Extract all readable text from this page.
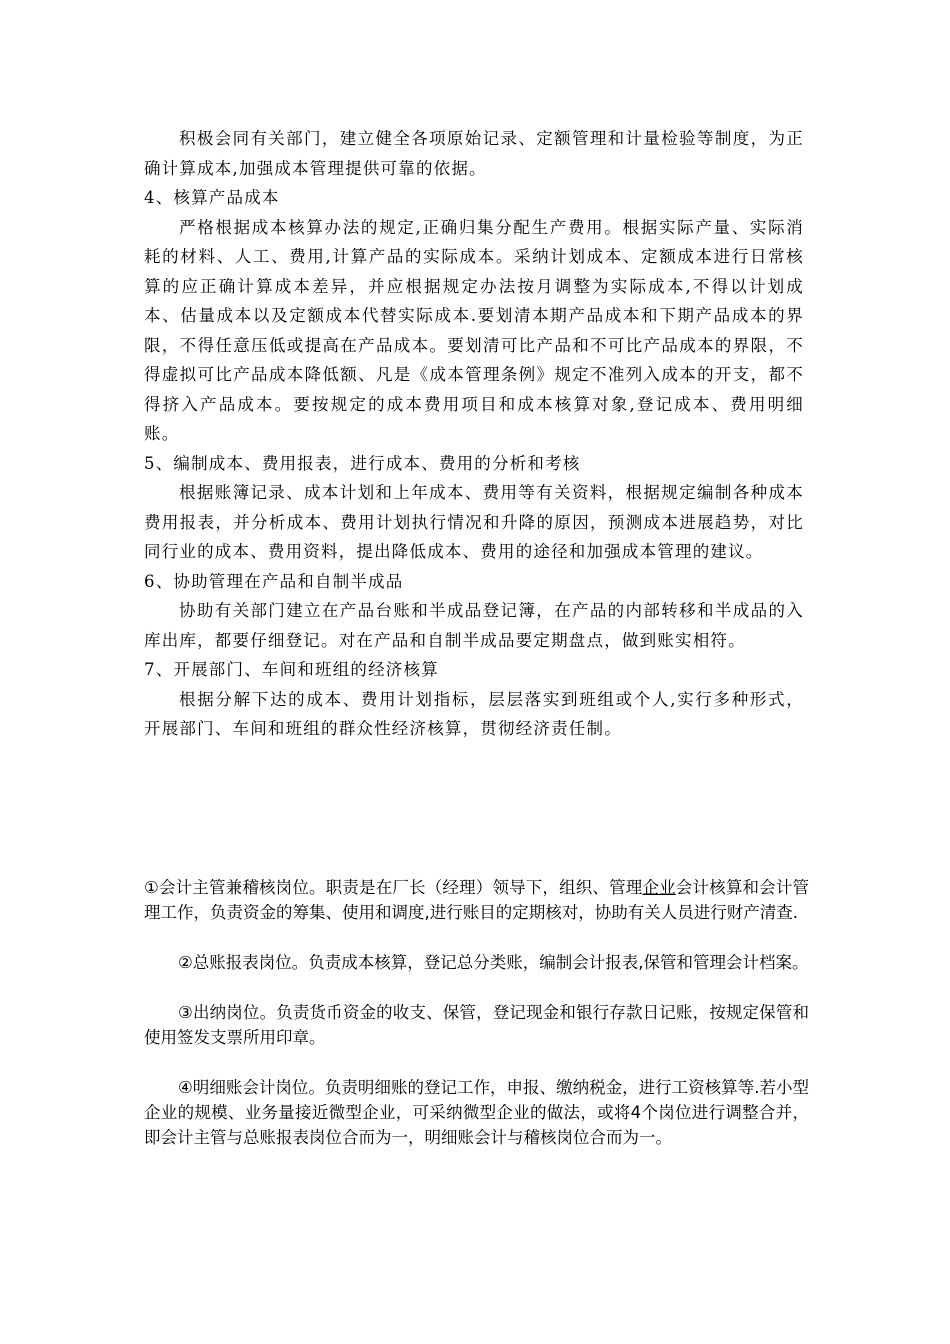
积极会同有关部门，建立健全各项原始记录、定额管理和计量检验等制度，为正确计算成本,加强成本管理提供可靠的依据。

4、核算产品成本

严格根据成本核算办法的规定,正确归集分配生产费用。根据实际产量、实际消耗的材料、人工、费用,计算产品的实际成本。采纳计划成本、定额成本进行日常核算的应正确计算成本差异，并应根据规定办法按月调整为实际成本,不得以计划成本、估量成本以及定额成本代替实际成本.要划清本期产品成本和下期产品成本的界限，不得任意压低或提高在产品成本。要划清可比产品和不可比产品成本的界限，不得虚拟可比产品成本降低额、凡是《成本管理条例》规定不准列入成本的开支，都不得挤入产品成本。要按规定的成本费用项目和成本核算对象,登记成本、费用明细账。

5、编制成本、费用报表，进行成本、费用的分析和考核

根据账簿记录、成本计划和上年成本、费用等有关资料，根据规定编制各种成本费用报表，并分析成本、费用计划执行情况和升降的原因，预测成本进展趋势，对比同行业的成本、费用资料，提出降低成本、费用的途径和加强成本管理的建议。

6、协助管理在产品和自制半成品

协助有关部门建立在产品台账和半成品登记簿，在产品的内部转移和半成品的入库出库，都要仔细登记。对在产品和自制半成品要定期盘点，做到账实相符。

7、开展部门、车间和班组的经济核算

根据分解下达的成本、费用计划指标，层层落实到班组或个人,实行多种形式，开展部门、车间和班组的群众性经济核算，贯彻经济责任制。

①会计主管兼稽核岗位。职责是在厂长（经理）领导下，组织、管理企业会计核算和会计管理工作，负责资金的筹集、使用和调度,进行账目的定期核对，协助有关人员进行财产清查.

②总账报表岗位。负责成本核算，登记总分类账，编制会计报表,保管和管理会计档案。

③出纳岗位。负责货币资金的收支、保管，登记现金和银行存款日记账，按规定保管和使用签发支票所用印章。

④明细账会计岗位。负责明细账的登记工作，申报、缴纳税金，进行工资核算等.若小型企业的规模、业务量接近微型企业，可采纳微型企业的做法，或将4个岗位进行调整合并，即会计主管与总账报表岗位合而为一，明细账会计与稽核岗位合而为一。
